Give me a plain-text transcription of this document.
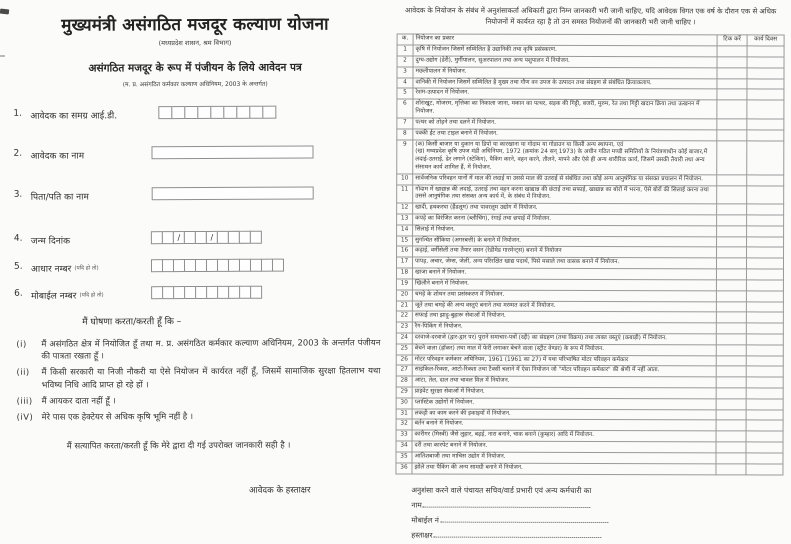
मुख्यमंत्री असंगठित मजदूर कल्याण योजना
(मध्यप्रदेश शासन, श्रम विभाग)
असंगठित मजदूर के रूप में पंजीयन के लिये आवेदन पत्र
(म. प्र. असंगठित कर्मकार कल्याण अधिनियम, 2003 के अन्तर्गत)
1. आवेदक का समग्र आई.डी.
2. आवेदक का नाम
3. पिता/पति का नाम
4. जन्म दिनांक	/	/
5. आधार नम्बर (यदि हो तो)
6. मोबाईल नम्बर (यदि हो तो)
मैं घोषणा करता/करती हूँ कि –
(i)	मैं असंगठित क्षेत्र में नियोजित हूँ तथा म. प्र. असंगठित कर्मकार कल्याण अधिनियम, 2003 के अन्तर्गत पंजीयन की पात्रता रखता हूँ ।
(ii)	मैं किसी सरकारी या निजी नौकरी या ऐसे नियोजन में कार्यरत नहीं हूँ, जिसमें सामाजिक सुरक्षा हितलाभ यथा भविष्य निधि आदि प्राप्त हो रहे हों ।
(iii)	मैं आयकर दाता नहीं हूँ ।
(iV) मेरे पास एक हेक्टेयर से अधिक कृषि भूमि नहीं है ।
मैं सत्यापित करता/करती हूँ कि मेरे द्वारा दी गई उपरोक्त जानकारी सही है ।
आवेदक के हस्ताक्षर
आवेदक के नियोजन के संबंध में अनुशंसाकर्ता अधिकारी द्वारा निम्न जानकारी भरी जानी चाहिए, यदि आवेदक विगत एक वर्ष के दौरान एक से अधिक नियोजनों में कार्यरत रहा है तो उन समस्त नियोजनों की जानकारी भरी जानी चाहिए ।
क.	नियोजन का प्रकार	टिक करें	कार्य दिवस
1	कृषि में नियोजन जिसमें सम्मिलित है उद्यानिकी तथा कृषि प्रसंस्करण.		
2	दुग्ध-उद्योग (डेरी), मुर्गीपालन, सुअरपालन तथा अन्य पशुपालन में नियोजन.		
3	मछलीपालन में नियोजन.		
4	वानिकी में नियोजन जिसमें सम्मिलित है मुख्य तथा गौण वन उपज के उत्पादन तथा संग्रहण से संबंधित क्रियाकलाप.		
5	रेशम-उत्पादन में नियोजन.		
6	शोराखूट, मोजरम, मृत्तिका का निकाला जाना, मकान का पत्थर, सड़क की गिट्टी, बजरी, मुरुम, रेत तथा गिट्टी खदान क्रिया तथा उत्खनन में नियोजन.		
7	पत्थर को तोड़ने तथा दलने में नियोजन.		
8	पक्की ईंट तथा टाइल बनाने में नियोजन.		
9	(क) किसी बाजार या दुकान या डिपो या कारखाना या गोदाम या गोडाउन या किसी अन्य स्थापना, एवं
(ख) मध्यप्रदेश कृषि उपज मंडी अधिनियम, 1972 (क्रमांक 24 सन् 1973) के अधीन गठित मण्डी समितियों के नियंत्रणाधीन कोई बाजार,में लदाई-उतराई, ढेर लगाने (स्टेकिंग), पैकिंग करने, वहन करने, तौलने, मापने और ऐसे ही अन्य शारीरिक कार्य, जिसमें उसकी तैयारी तथा अन्य संसाधन कार्य शामिल हैं, में नियोजन.		
10	सार्वजनिक परिवहन यानों में माल की लदाई या उससे माल की उतराई से संबंधित तथा कोई अन्य आनुषंगिक या संसक्त प्रचालन में नियोजन.		
11	गोदाम में खाद्यान्न की लदाई, उतराई तथा वहन करना खाद्यान्न की छंटाई तथा सफाई, खाद्यान्न का बोरों में भरना, ऐसे बोरों की सिलाई करना तथा उससे आनुषंगिक तथा संसक्त अन्य कार्य में, के संबंध में नियोजन.		
12	खादी, हथकरघा (हैंडलूम) तथा पावरलूम उद्योग में नियोजन.		
13	कपड़े का विरंजित करना (ब्लीचिंग), रंगाई तथा छपाई में नियोजन.		
14	सिलाई में नियोजन.		
15	सुगन्धित सींकिया (अगरबत्ती) के बनाने में नियोजन.		
16	कढ़ाई, वर्मीसेली तथा तैयार वसन (रेडीमेड गारमेन्ट्स) बनाने में नियोजन		
17	पापड़, अचार, जेम्स, जेली, अन्य परिरक्षित खाद्य पदार्थ, पिसे मसाले तथा वासक बनाने में नियोजन.		
18	खाजा बनाने में नियोजन.		
19	खिलौने बनाने में नियोजन.		
20	चमड़े के शोधन तथा प्रसंस्करण में नियोजन.		
21	जूते तथा चमड़े की अन्य वस्तुएं बनाने तथा मरम्मत करने में नियोजन.		
22	सफाई तथा झाड़ू-बुहारू सेवाओं में नियोजन.		
23	रैग-पिकिंग में नियोजन.		
24	दरवाजे-दरवाजे (द्वार-द्वार पर) पुराने समाचार-पत्रों (रद्दी) का संग्रहण (तथा विक्रय) तथा त्यक्त वस्तुएं (कबाड़ी) में नियोजन.		
25	बेचने वाला (हॉकर) तथा माल में फेरी लगाकर बेचने वाला (स्ट्रीट वेण्डर) के रूप में नियोजन.		
26	मोटर परिवहन कर्मकार अधिनियम, 1961 (1961 का 27) में यथा परिभाषित मोटर परिवहन कर्मकार		
27	साइकिल-रिक्शा, आटो-रिक्शा तथा टैक्सी चलाने में ऐसा नियोजन जो "मोटर परिवहन कर्मकार" की श्रेणी में नहीं आता.		
28	आटा, तेल, दाल तथा चावल मिल में नियोजन.		
29	प्राइवेट सुरक्षा सेवाओं में नियोजन.		
30	प्लास्टिक उद्योगों में नियोजन.		
31	लकड़ी का काम करने की इकाइयों में नियोजन.		
32	बर्तन बनाने में नियोजन.		
33	कारीगर (मिस्त्री) जैसे लुहार, बढ़ई, नारा बनाने, चाक बनाने (कुम्हार) आदि में नियोजन.		
34	दरी तथा कारपेट बनाने में नियोजन.		
35	आतिशबाजी तथा माचिस उद्योग में नियोजन.		
36	झोले तथा पैकिंग की अन्य सामग्री बनाने में नियोजन.		
अनुशंसा करने वाले पंचायत सचिव/वार्ड प्रभारी एवं अन्य कर्मचारी का
नाम
मोबाईल नं
हस्ताक्षर
